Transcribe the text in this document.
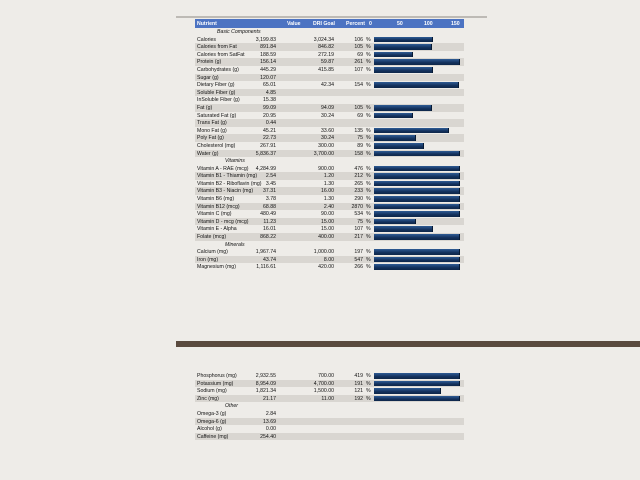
Nutrient	Value DRI Goal Percent 0	50	100	150
Basic Components
Calories	3,199.83	3,024.34	106 %
Calories from Fat	891.84	846.82	105 %
Calories from SatFat	188.59	272.19	69 %
Protein (g)	156.14	59.87	261 %
Carbohydrates (g)	445.29	415.85	107 %
Sugar (g)	120.07
Dietary Fiber (g)	65.01	42.34	154 %
Soluble Fiber (g)	4.85
InSoluble Fiber (g)	15.38
Fat (g)	99.09	94.09	105 %
Saturated Fat (g)	20.95	30.24	69 %
Trans Fat (g)	0.44
Mono Fat (g)	45.21	33.60	135 %
Poly Fat (g)	22.73	30.24	75 %
Cholesterol (mg)	267.91	300.00	89 %
Water (g)	5,836.37	3,700.00	158 %
Vitamins
Vitamin A - RAE (mcg) 4,284.99	900.00	476 %
Vitamin B1 - Thiamin (mg) 2.54	1.20	212 %
Vitamin B2 - Riboflavin (mg) 3.45	1.30	265 %
Vitamin B3 - Niacin (mg) 37.31	16.00	233 %
Vitamin B6 (mg)	3.78	1.30	290 %
Vitamin B12 (mcg)	68.88	2.40	2870 %
Vitamin C (mg)	480.49	90.00	534 %
Vitamin D - mcg (mcg)	11.23	15.00	75 %
Vitamin E - Alpha	16.01	15.00	107 %
Folate (mcg)	868.22	400.00	217 %
Minerals
Calcium (mg)	1,967.74	1,000.00	197 %
Iron (mg)	43.74	8.00	547 %
Magnesium (mg)	1,116.61	420.00	266 %
Phosphorus (mg)	2,932.55	700.00	419 %
Potassium (mg)	8,954.09	4,700.00	191 %
Sodium (mg)	1,821.34	1,500.00	121 %
Zinc (mg)	21.17	11.00	192 %
Other
Omega-3 (g)	2.84
Omega-6 (g)	13.69
Alcohol (g)	0.00
Caffeine (mg)	254.40
